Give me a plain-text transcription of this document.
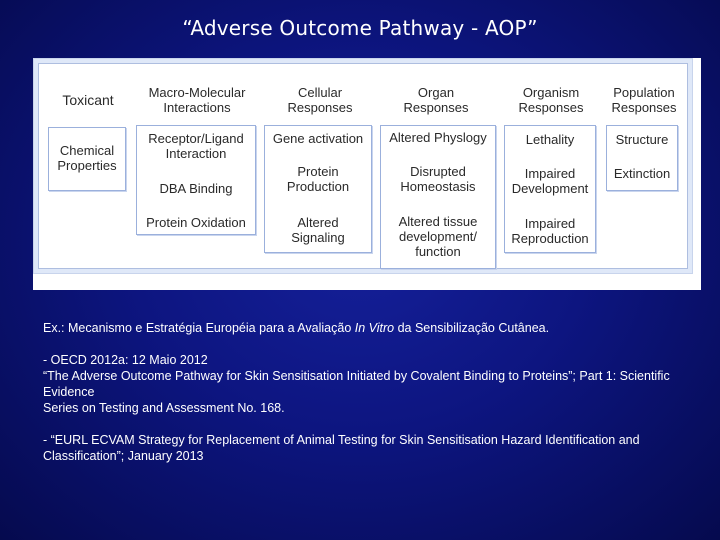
“Adverse Outcome Pathway - AOP”
Toxicant	Macro-Molecular
Interactions
Cellular
Responses
Organ
Responses
Organism
Responses
Population
Responses
Chemical
Properties
Receptor/Ligand
Interaction
DBA Binding
Protein Oxidation
Gene activation
Protein
Production
Altered
Signaling
Altered Physlogy
Disrupted
Homeostasis
Altered tissue
development/
function
Lethality
Impaired
Development
Impaired
Reproduction
Structure
Extinction

Ex.: Mecanismo e Estratégia Européia para a Avaliação In Vitro da Sensibilização Cutânea.

- OECD 2012a: 12 Maio 2012

“The Adverse Outcome Pathway for Skin Sensitisation Initiated by Covalent Binding to Proteins”; Part 1: Scientific Evidence

Series on Testing and Assessment No. 168.

- “EURL ECVAM Strategy for Replacement of Animal Testing for Skin Sensitisation Hazard Identification and Classification”; January 2013
